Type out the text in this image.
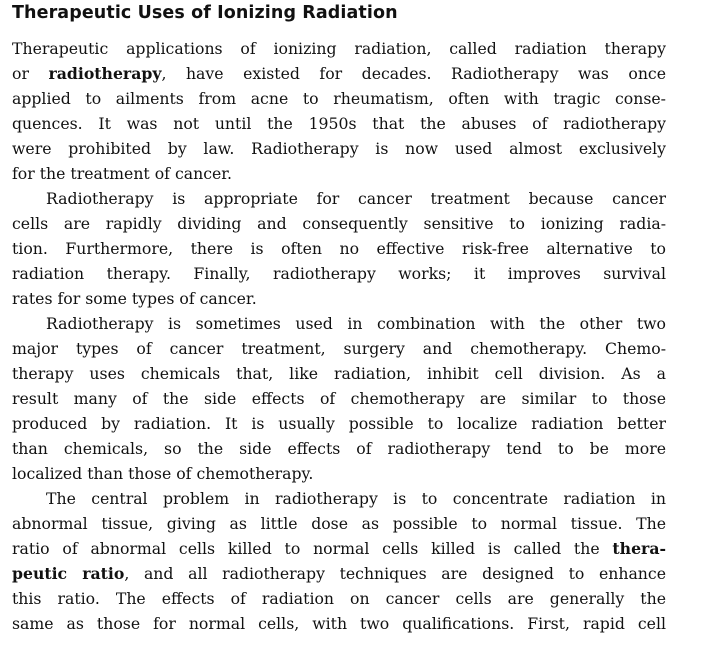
Therapeutic Uses of Ionizing Radiation
Therapeutic applications of ionizing radiation, called radiation therapy
or radiotherapy, have existed for decades. Radiotherapy was once
applied to ailments from acne to rheumatism, often with tragic conse-
quences. It was not until the 1950s that the abuses of radiotherapy
were prohibited by law. Radiotherapy is now used almost exclusively
for the treatment of cancer.
Radiotherapy is appropriate for cancer treatment because cancer
cells are rapidly dividing and consequently sensitive to ionizing radia-
tion. Furthermore, there is often no effective risk-free alternative to
radiation therapy. Finally, radiotherapy works; it improves survival
rates for some types of cancer.
Radiotherapy is sometimes used in combination with the other two
major types of cancer treatment, surgery and chemotherapy. Chemo-
therapy uses chemicals that, like radiation, inhibit cell division. As a
result many of the side effects of chemotherapy are similar to those
produced by radiation. It is usually possible to localize radiation better
than chemicals, so the side effects of radiotherapy tend to be more
localized than those of chemotherapy.
The central problem in radiotherapy is to concentrate radiation in
abnormal tissue, giving as little dose as possible to normal tissue. The
ratio of abnormal cells killed to normal cells killed is called the thera-
peutic ratio, and all radiotherapy techniques are designed to enhance
this ratio. The effects of radiation on cancer cells are generally the
same as those for normal cells, with two qualifications. First, rapid cell
